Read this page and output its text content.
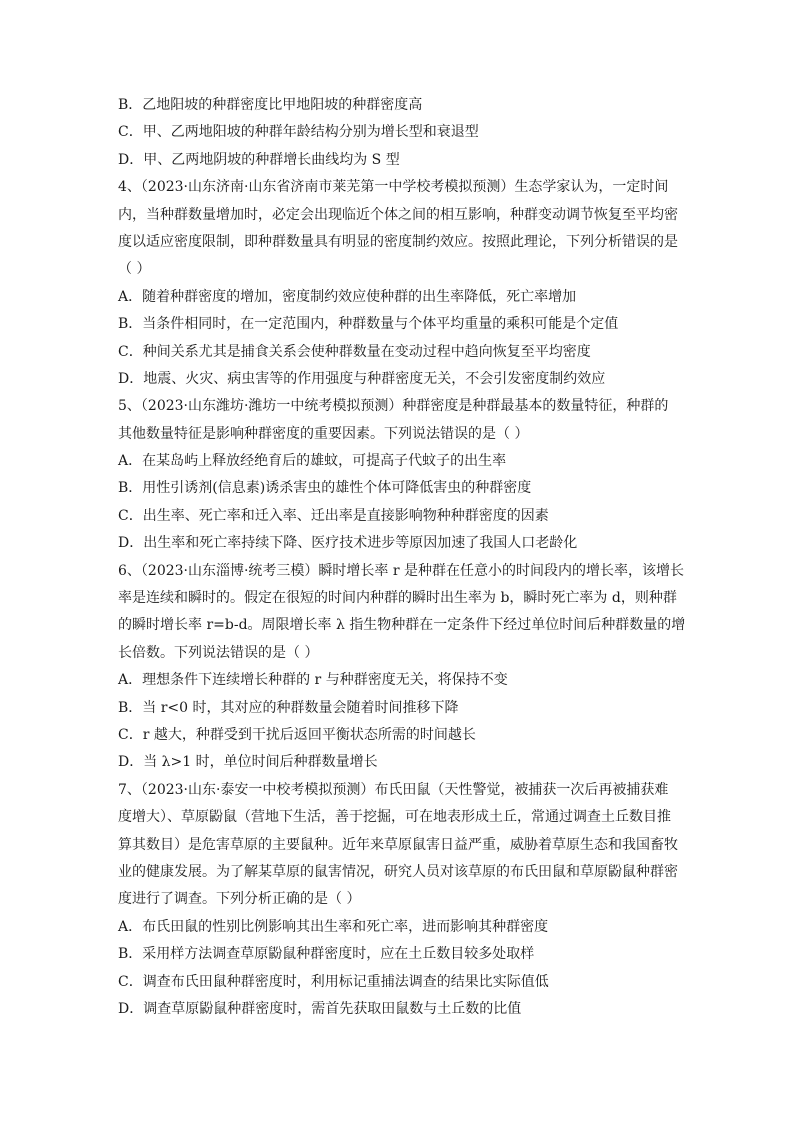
B．乙地阳坡的种群密度比甲地阳坡的种群密度高
C．甲、乙两地阳坡的种群年龄结构分别为增长型和衰退型
D．甲、乙两地阴坡的种群增长曲线均为 S 型
4、（2023·山东济南·山东省济南市莱芜第一中学校考模拟预测）生态学家认为，一定时间
内，当种群数量增加时，必定会出现临近个体之间的相互影响，种群变动调节恢复至平均密
度以适应密度限制，即种群数量具有明显的密度制约效应。按照此理论，下列分析错误的是
（ ）
A．随着种群密度的增加，密度制约效应使种群的出生率降低，死亡率增加
B．当条件相同时，在一定范围内，种群数量与个体平均重量的乘积可能是个定值
C．种间关系尤其是捕食关系会使种群数量在变动过程中趋向恢复至平均密度
D．地震、火灾、病虫害等的作用强度与种群密度无关，不会引发密度制约效应
5、（2023·山东潍坊·潍坊一中统考模拟预测）种群密度是种群最基本的数量特征，种群的
其他数量特征是影响种群密度的重要因素。下列说法错误的是（ ）
A．在某岛屿上释放经绝育后的雄蚊，可提高子代蚊子的出生率
B．用性引诱剂(信息素)诱杀害虫的雄性个体可降低害虫的种群密度
C．出生率、死亡率和迁入率、迁出率是直接影响物种种群密度的因素
D．出生率和死亡率持续下降、医疗技术进步等原因加速了我国人口老龄化
6、（2023·山东淄博·统考三模）瞬时增长率 r 是种群在任意小的时间段内的增长率，该增长
率是连续和瞬时的。假定在很短的时间内种群的瞬时出生率为 b，瞬时死亡率为 d，则种群
的瞬时增长率 r=b-d。周限增长率 λ 指生物种群在一定条件下经过单位时间后种群数量的增
长倍数。下列说法错误的是（ ）
A．理想条件下连续增长种群的 r 与种群密度无关，将保持不变
B．当 r<0 时，其对应的种群数量会随着时间推移下降
C．r 越大，种群受到干扰后返回平衡状态所需的时间越长
D．当 λ>1 时，单位时间后种群数量增长
7、（2023·山东·泰安一中校考模拟预测）布氏田鼠（天性警觉，被捕获一次后再被捕获难
度增大）、草原鼢鼠（营地下生活，善于挖掘，可在地表形成土丘，常通过调查土丘数目推
算其数目）是危害草原的主要鼠种。近年来草原鼠害日益严重，威胁着草原生态和我国畜牧
业的健康发展。为了解某草原的鼠害情况，研究人员对该草原的布氏田鼠和草原鼢鼠种群密
度进行了调查。下列分析正确的是（ ）
A．布氏田鼠的性别比例影响其出生率和死亡率，进而影响其种群密度
B．采用样方法调查草原鼢鼠种群密度时，应在土丘数目较多处取样
C．调查布氏田鼠种群密度时，利用标记重捕法调查的结果比实际值低
D．调查草原鼢鼠种群密度时，需首先获取田鼠数与土丘数的比值
